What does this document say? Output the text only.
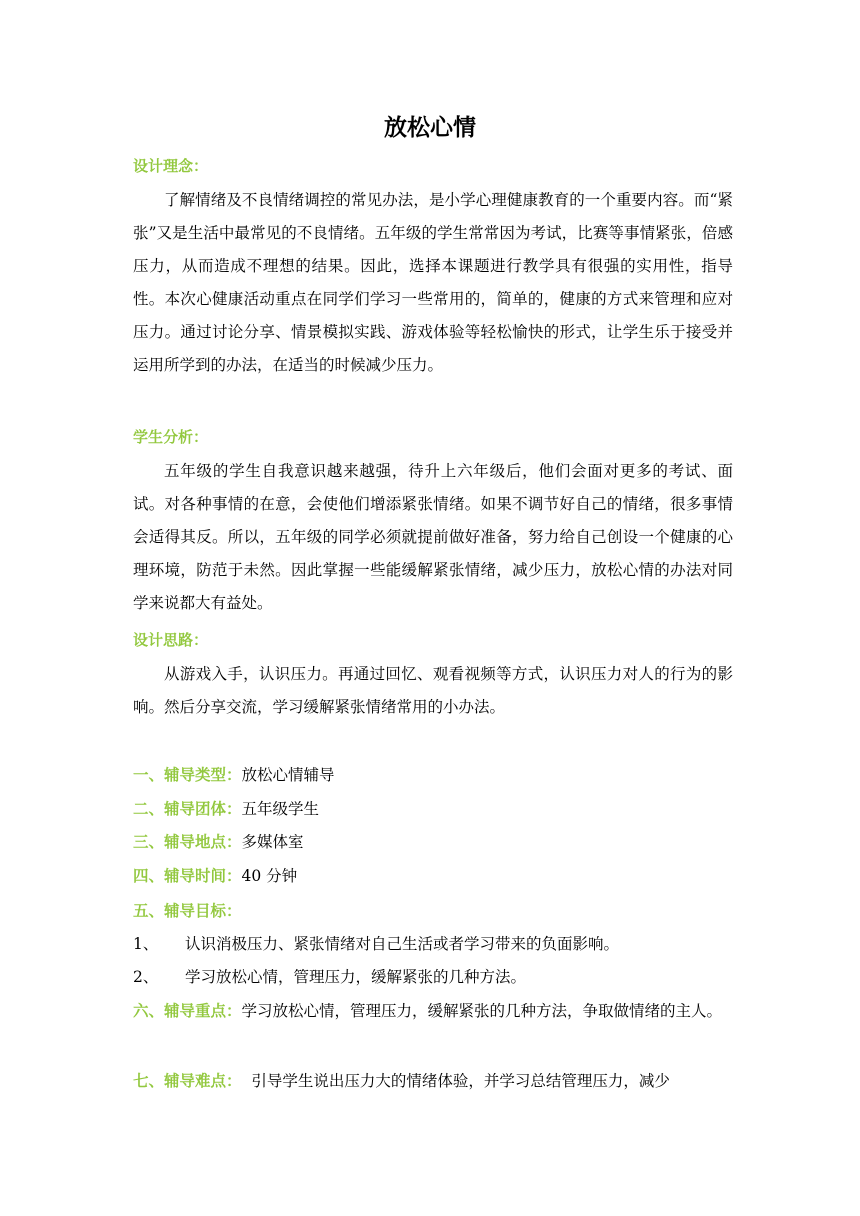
放松心情
设计理念：

了解情绪及不良情绪调控的常见办法，是小学心理健康教育的一个重要内容。而“紧张”又是生活中最常见的不良情绪。五年级的学生常常因为考试，比赛等事情紧张，倍感压力，从而造成不理想的结果。因此，选择本课题进行教学具有很强的实用性，指导性。本次心健康活动重点在同学们学习一些常用的，简单的，健康的方式来管理和应对压力。通过讨论分享、情景模拟实践、游戏体验等轻松愉快的形式，让学生乐于接受并运用所学到的办法，在适当的时候减少压力。

学生分析：

五年级的学生自我意识越来越强，待升上六年级后，他们会面对更多的考试、面试。对各种事情的在意，会使他们增添紧张情绪。如果不调节好自己的情绪，很多事情会适得其反。所以，五年级的同学必须就提前做好准备，努力给自己创设一个健康的心理环境，防范于未然。因此掌握一些能缓解紧张情绪，减少压力，放松心情的办法对同学来说都大有益处。

设计思路：

从游戏入手，认识压力。再通过回忆、观看视频等方式，认识压力对人的行为的影响。然后分享交流，学习缓解紧张情绪常用的小办法。

一、辅导类型：放松心情辅导
二、辅导团体：五年级学生
三、辅导地点：多媒体室
四、辅导时间：40 分钟
五、辅导目标：
1、 认识消极压力、紧张情绪对自己生活或者学习带来的负面影响。
2、 学习放松心情，管理压力，缓解紧张的几种方法。
六、辅导重点：学习放松心情，管理压力，缓解紧张的几种方法，争取做情绪的主人。
七、辅导难点： 引导学生说出压力大的情绪体验，并学习总结管理压力，减少
